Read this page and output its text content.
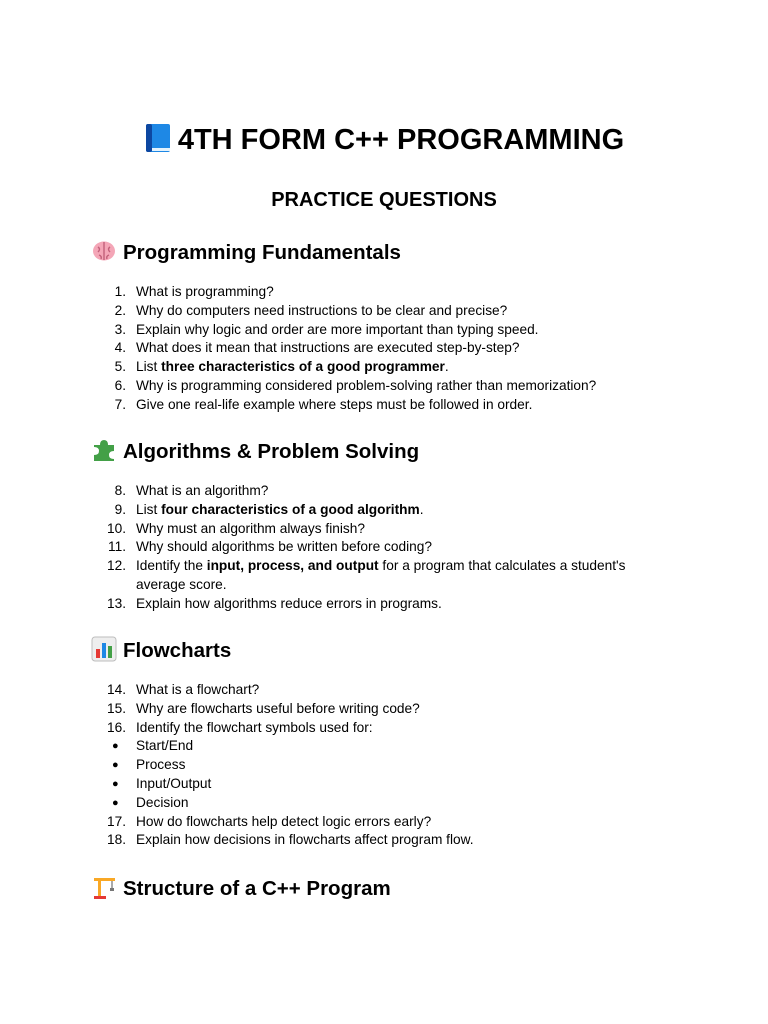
4TH FORM C++ PROGRAMMING
PRACTICE QUESTIONS
Programming Fundamentals
1. What is programming?
2. Why do computers need instructions to be clear and precise?
3. Explain why logic and order are more important than typing speed.
4. What does it mean that instructions are executed step-by-step?
5. List three characteristics of a good programmer.
6. Why is programming considered problem-solving rather than memorization?
7. Give one real-life example where steps must be followed in order.
Algorithms & Problem Solving
8. What is an algorithm?
9. List four characteristics of a good algorithm.
10. Why must an algorithm always finish?
11. Why should algorithms be written before coding?
12. Identify the input, process, and output for a program that calculates a student's average score.
13. Explain how algorithms reduce errors in programs.
Flowcharts
14. What is a flowchart?
15. Why are flowcharts useful before writing code?
16. Identify the flowchart symbols used for:
●	Start/End
●	Process
●	Input/Output
●	Decision
17. How do flowcharts help detect logic errors early?
18. Explain how decisions in flowcharts affect program flow.
Structure of a C++ Program
